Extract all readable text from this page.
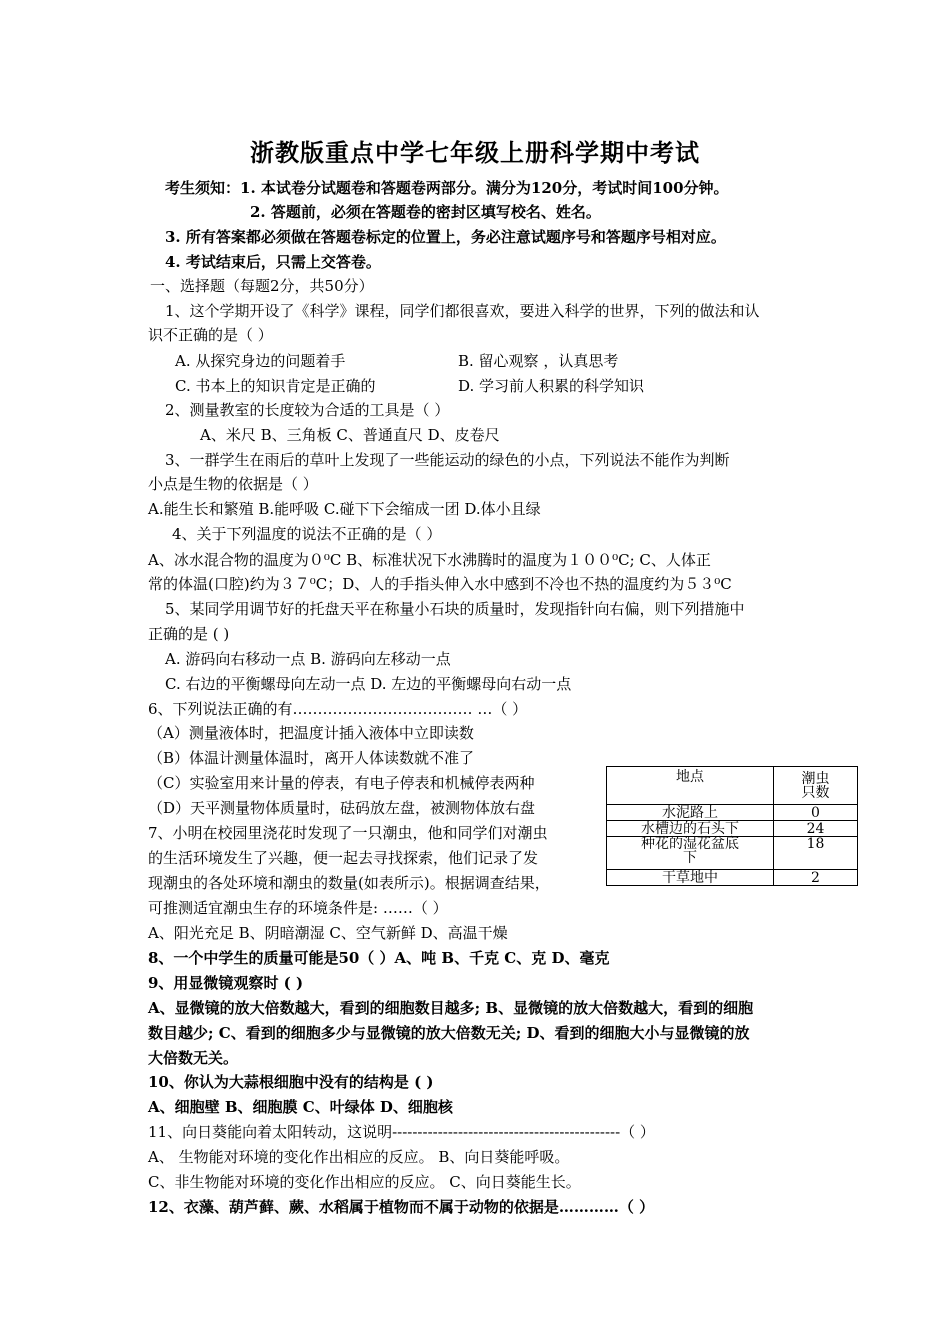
浙教版重点中学七年级上册科学期中考试
考生须知：1. 本试卷分试题卷和答题卷两部分。满分为120分，考试时间100分钟。
2. 答题前，必须在答题卷的密封区填写校名、姓名。
3. 所有答案都必须做在答题卷标定的位置上，务必注意试题序号和答题序号相对应。
4. 考试结束后，只需上交答卷。
一、选择题（每题2分，共50分）
1、这个学期开设了《科学》课程，同学们都很喜欢，要进入科学的世界，下列的做法和认
识不正确的是（ ）
A. 从探究身边的问题着手	B. 留心观察 ，认真思考
C. 书本上的知识肯定是正确的	D. 学习前人积累的科学知识
2、测量教室的长度较为合适的工具是（ ）
A、米尺 B、三角板 C、普通直尺 D、皮卷尺
3、一群学生在雨后的草叶上发现了一些能运动的绿色的小点，下列说法不能作为判断
小点是生物的依据是（ ）
A.能生长和繁殖 B.能呼吸 C.碰下下会缩成一团 D.体小且绿
4、关于下列温度的说法不正确的是（ ）
A、冰水混合物的温度为０⁰C B、标准状况下水沸腾时的温度为１００⁰C; C、人体正
常的体温(口腔)约为３７⁰C；D、人的手指头伸入水中感到不冷也不热的温度约为５３⁰C
5、某同学用调节好的托盘天平在称量小石块的质量时，发现指针向右偏，则下列措施中
正确的是 ( )
A. 游码向右移动一点 B. 游码向左移动一点
C. 右边的平衡螺母向左动一点 D. 左边的平衡螺母向右动一点
6、下列说法正确的有……………………………… …（ ）
（A）测量液体时，把温度计插入液体中立即读数
（B）体温计测量体温时，离开人体读数就不准了
（C）实验室用来计量的停表，有电子停表和机械停表两种
（D）天平测量物体质量时，砝码放左盘，被测物体放右盘
7、小明在校园里浇花时发现了一只潮虫，他和同学们对潮虫
的生活环境发生了兴趣，便一起去寻找探索，他们记录了发
现潮虫的各处环境和潮虫的数量(如表所示)。根据调查结果，
可推测适宜潮虫生存的环境条件是: ……（ ）
A、阳光充足 B、阴暗潮湿 C、空气新鲜 D、高温干燥
地点	潮虫
只数

水泥路上	0
水槽边的石头下	24

种花的湿花盆底
下	18
干草地中	2
8、一个中学生的质量可能是50（ ）A、吨 B、千克 C、克 D、毫克
9、用显微镜观察时 ( )
A、显微镜的放大倍数越大，看到的细胞数目越多; B、显微镜的放大倍数越大，看到的细胞
数目越少; C、看到的细胞多少与显微镜的放大倍数无关; D、看到的细胞大小与显微镜的放
大倍数无关。
10、你认为大蒜根细胞中没有的结构是 ( )
A、细胞壁 B、细胞膜 C、叶绿体 D、细胞核
11、向日葵能向着太阳转动，这说明---------------------------------------------（ ）
A、 生物能对环境的变化作出相应的反应。 B、向日葵能呼吸。
C、非生物能对环境的变化作出相应的反应。 C、向日葵能生长。
12、衣藻、葫芦藓、蕨、水稻属于植物而不属于动物的依据是…………（ ）
